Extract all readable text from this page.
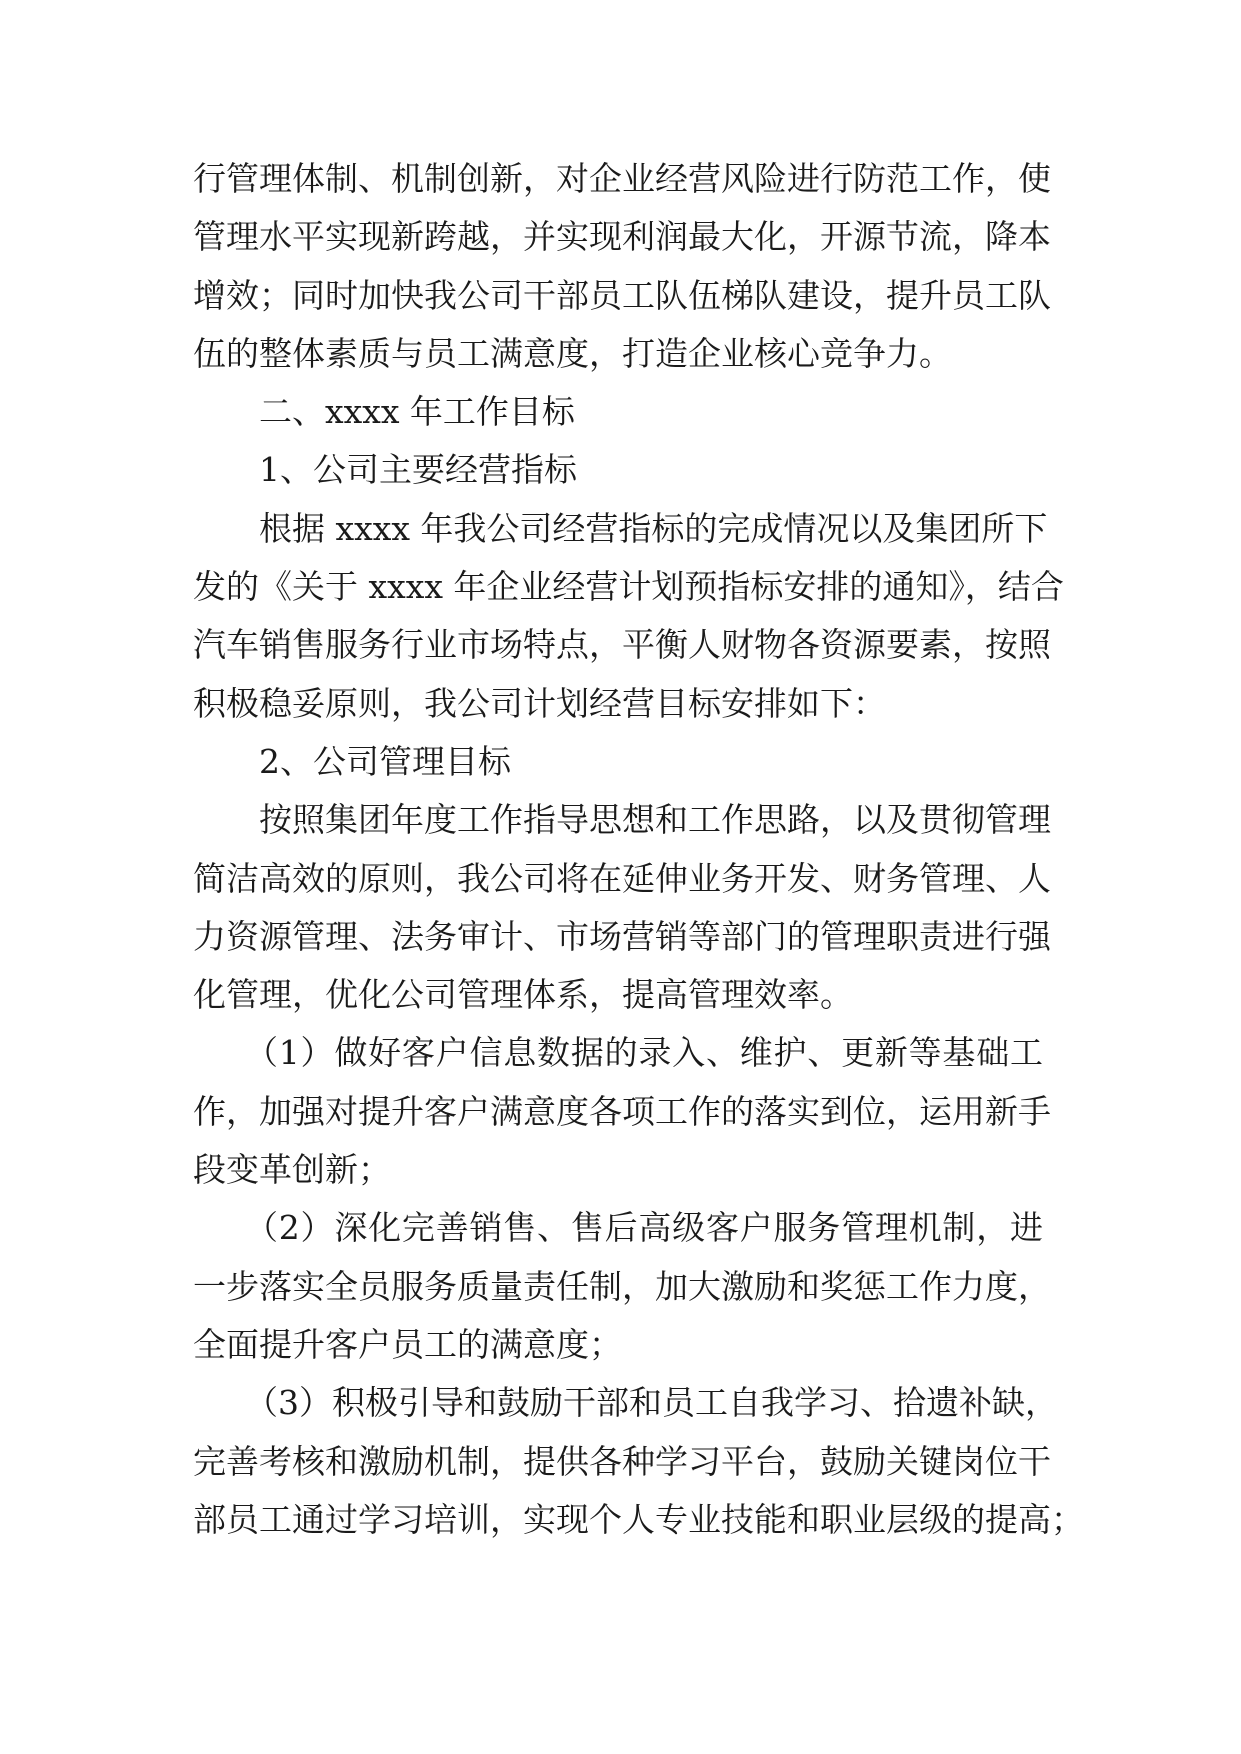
行管理体制、机制创新，对企业经营风险进行防范工作，使
管理水平实现新跨越，并实现利润最大化，开源节流，降本
增效；同时加快我公司干部员工队伍梯队建设，提升员工队
伍的整体素质与员工满意度，打造企业核心竞争力。
二、xxxx 年工作目标
1、公司主要经营指标
根据 xxxx 年我公司经营指标的完成情况以及集团所下
发的《关于 xxxx 年企业经营计划预指标安排的通知》，结合
汽车销售服务行业市场特点，平衡人财物各资源要素，按照
积极稳妥原则，我公司计划经营目标安排如下：
2、公司管理目标
按照集团年度工作指导思想和工作思路，以及贯彻管理
简洁高效的原则，我公司将在延伸业务开发、财务管理、人
力资源管理、法务审计、市场营销等部门的管理职责进行强
化管理，优化公司管理体系，提高管理效率。
（1）做好客户信息数据的录入、维护、更新等基础工
作，加强对提升客户满意度各项工作的落实到位，运用新手
段变革创新；
（2）深化完善销售、售后高级客户服务管理机制，进
一步落实全员服务质量责任制，加大激励和奖惩工作力度，
全面提升客户员工的满意度；
（3）积极引导和鼓励干部和员工自我学习、拾遗补缺，
完善考核和激励机制，提供各种学习平台，鼓励关键岗位干
部员工通过学习培训，实现个人专业技能和职业层级的提高；
